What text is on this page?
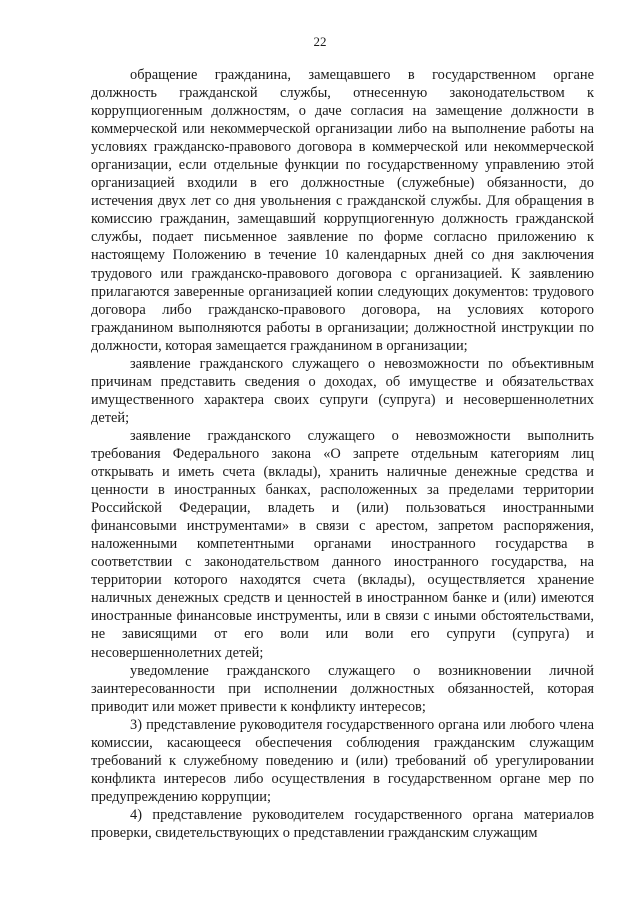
22

обращение гражданина, замещавшего в государственном органе должность гражданской службы, отнесенную законодательством к коррупциогенным должностям, о даче согласия на замещение должности в коммерческой или некоммерческой организации либо на выполнение работы на условиях гражданско-правового договора в коммерческой или некоммерческой организации, если отдельные функции по государственному управлению этой организацией входили в его должностные (служебные) обязанности, до истечения двух лет со дня увольнения с гражданской службы. Для обращения в комиссию гражданин, замещавший коррупциогенную должность гражданской службы, подает письменное заявление по форме согласно приложению к настоящему Положению в течение 10 календарных дней со дня заключения трудового или гражданско-правового договора с организацией. К заявлению прилагаются заверенные организацией копии следующих документов: трудового договора либо гражданско-правового договора, на условиях которого гражданином выполняются работы в организации; должностной инструкции по должности, которая замещается гражданином в организации;

заявление гражданского служащего о невозможности по объективным причинам представить сведения о доходах, об имуществе и обязательствах имущественного характера своих супруги (супруга) и несовершеннолетних детей;

заявление гражданского служащего о невозможности выполнить требования Федерального закона «О запрете отдельным категориям лиц открывать и иметь счета (вклады), хранить наличные денежные средства и ценности в иностранных банках, расположенных за пределами территории Российской Федерации, владеть и (или) пользоваться иностранными финансовыми инструментами» в связи с арестом, запретом распоряжения, наложенными компетентными органами иностранного государства в соответствии с законодательством данного иностранного государства, на территории которого находятся счета (вклады), осуществляется хранение наличных денежных средств и ценностей в иностранном банке и (или) имеются иностранные финансовые инструменты, или в связи с иными обстоятельствами, не зависящими от его воли или воли его супруги (супруга) и несовершеннолетних детей;

уведомление гражданского служащего о возникновении личной заинтересованности при исполнении должностных обязанностей, которая приводит или может привести к конфликту интересов;

3) представление руководителя государственного органа или любого члена комиссии, касающееся обеспечения соблюдения гражданским служащим требований к служебному поведению и (или) требований об урегулировании конфликта интересов либо осуществления в государственном органе мер по предупреждению коррупции;

4) представление руководителем государственного органа материалов проверки, свидетельствующих о представлении гражданским служащим
